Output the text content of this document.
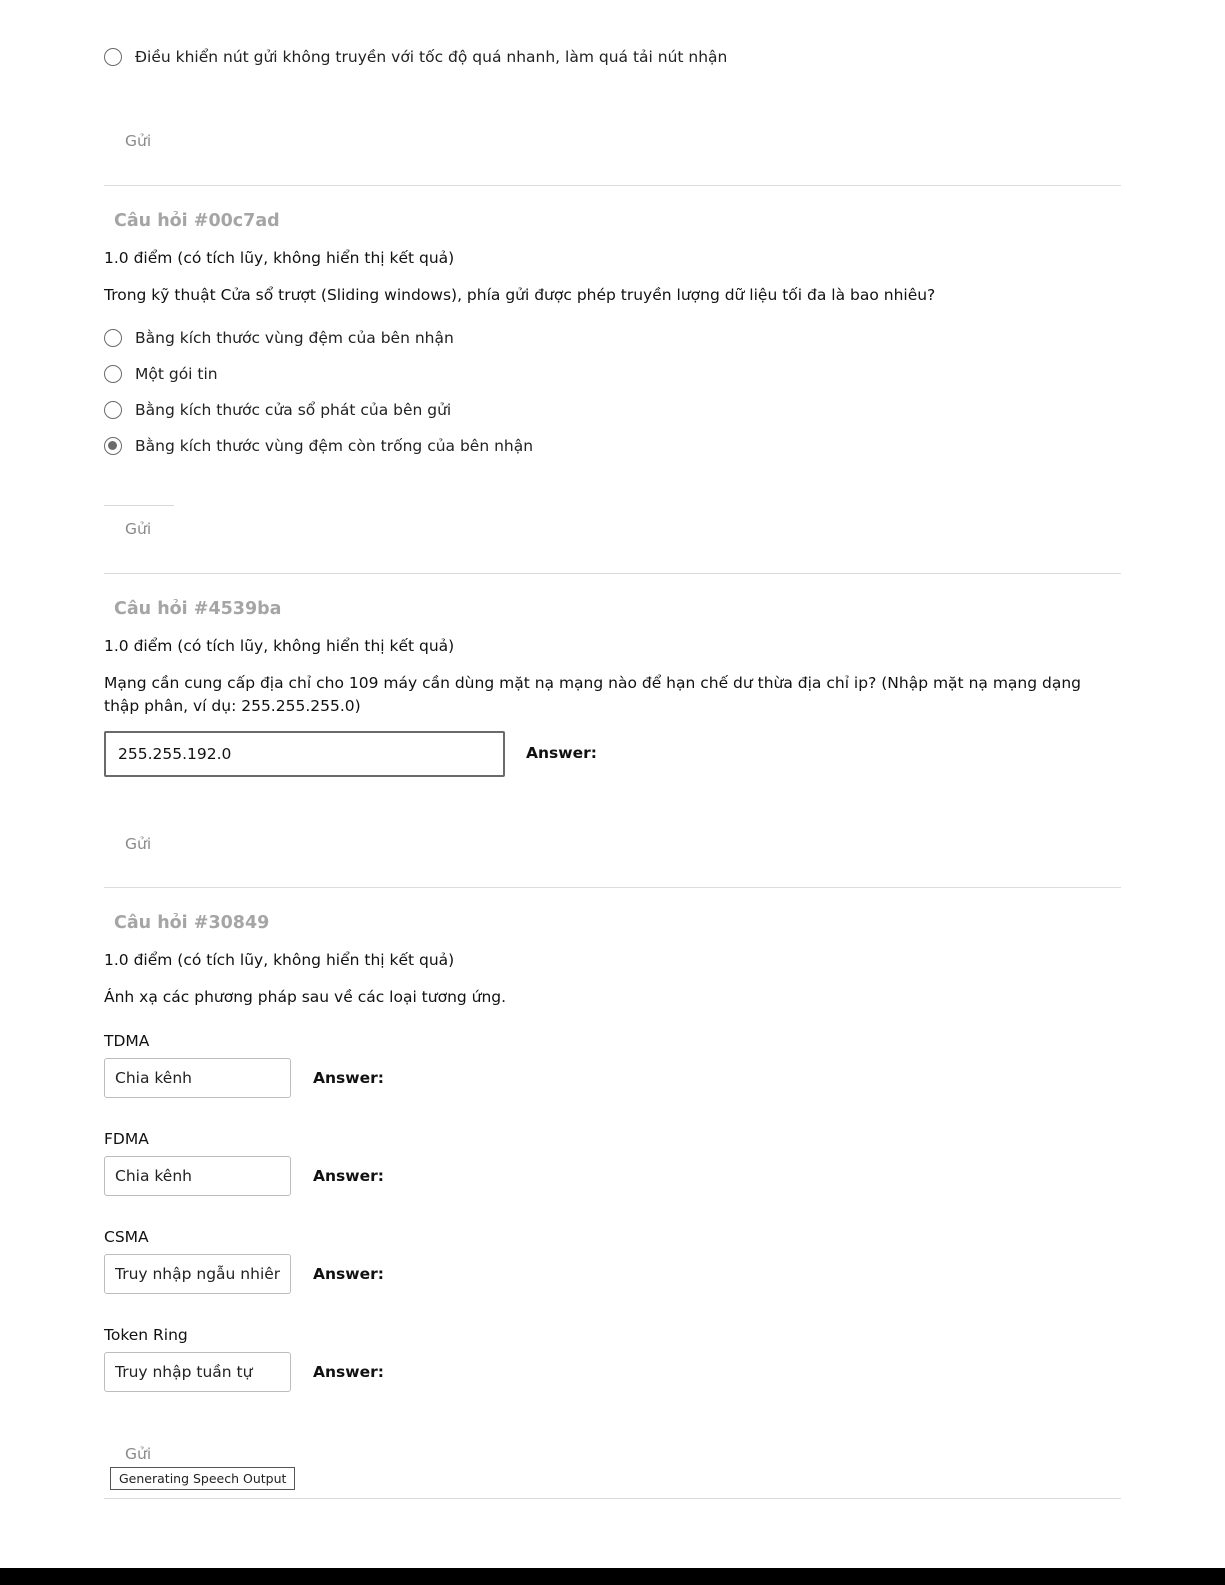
Điều khiển nút gửi không truyền với tốc độ quá nhanh, làm quá tải nút nhận
Gửi
Câu hỏi #00c7ad
1.0 điểm (có tích lũy, không hiển thị kết quả)
Trong kỹ thuật Cửa sổ trượt (Sliding windows), phía gửi được phép truyền lượng dữ liệu tối đa là bao nhiêu?
Bằng kích thước vùng đệm của bên nhận
Một gói tin
Bằng kích thước cửa sổ phát của bên gửi
Bằng kích thước vùng đệm còn trống của bên nhận
Gửi
Câu hỏi #4539ba
1.0 điểm (có tích lũy, không hiển thị kết quả)
Mạng cần cung cấp địa chỉ cho 109 máy cần dùng mặt nạ mạng nào để hạn chế dư thừa địa chỉ ip? (Nhập mặt nạ mạng dạng thập phân, ví dụ: 255.255.255.0)
255.255.192.0
Answer:
Gửi
Câu hỏi #30849
1.0 điểm (có tích lũy, không hiển thị kết quả)
Ánh xạ các phương pháp sau về các loại tương ứng.
TDMA
Chia kênh
Answer:
FDMA
Chia kênh
Answer:
CSMA
Truy nhập ngẫu nhiên
Answer:
Token Ring
Truy nhập tuần tự
Answer:
Gửi
Generating Speech Output
